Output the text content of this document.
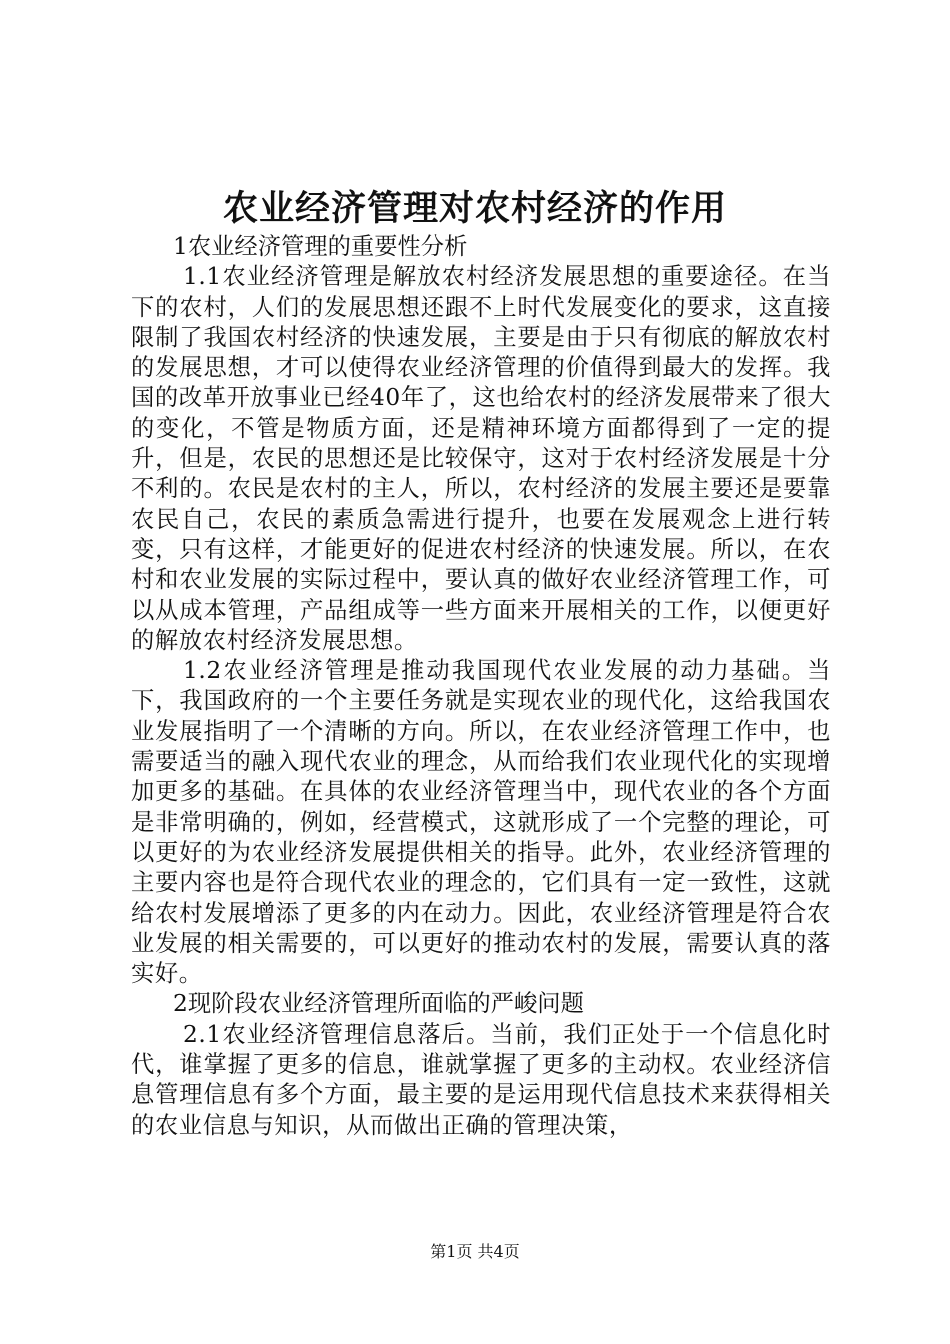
农业经济管理对农村经济的作用

1农业经济管理的重要性分析

1.1农业经济管理是解放农村经济发展思想的重要途径。在当下的农村，人们的发展思想还跟不上时代发展变化的要求，这直接限制了我国农村经济的快速发展，主要是由于只有彻底的解放农村的发展思想，才可以使得农业经济管理的价值得到最大的发挥。我国的改革开放事业已经40年了，这也给农村的经济发展带来了很大的变化，不管是物质方面，还是精神环境方面都得到了一定的提升，但是，农民的思想还是比较保守，这对于农村经济发展是十分不利的。农民是农村的主人，所以，农村经济的发展主要还是要靠农民自己，农民的素质急需进行提升，也要在发展观念上进行转变，只有这样，才能更好的促进农村经济的快速发展。所以，在农村和农业发展的实际过程中，要认真的做好农业经济管理工作，可以从成本管理，产品组成等一些方面来开展相关的工作，以便更好的解放农村经济发展思想。

1.2农业经济管理是推动我国现代农业发展的动力基础。当下，我国政府的一个主要任务就是实现农业的现代化，这给我国农业发展指明了一个清晰的方向。所以，在农业经济管理工作中，也需要适当的融入现代农业的理念，从而给我们农业现代化的实现增加更多的基础。在具体的农业经济管理当中，现代农业的各个方面是非常明确的，例如，经营模式，这就形成了一个完整的理论，可以更好的为农业经济发展提供相关的指导。此外，农业经济管理的主要内容也是符合现代农业的理念的，它们具有一定一致性，这就给农村发展增添了更多的内在动力。因此，农业经济管理是符合农业发展的相关需要的，可以更好的推动农村的发展，需要认真的落实好。

2现阶段农业经济管理所面临的严峻问题

2.1农业经济管理信息落后。当前，我们正处于一个信息化时代，谁掌握了更多的信息，谁就掌握了更多的主动权。农业经济信息管理信息有多个方面，最主要的是运用现代信息技术来获得相关的农业信息与知识，从而做出正确的管理决策，

第1页 共4页
